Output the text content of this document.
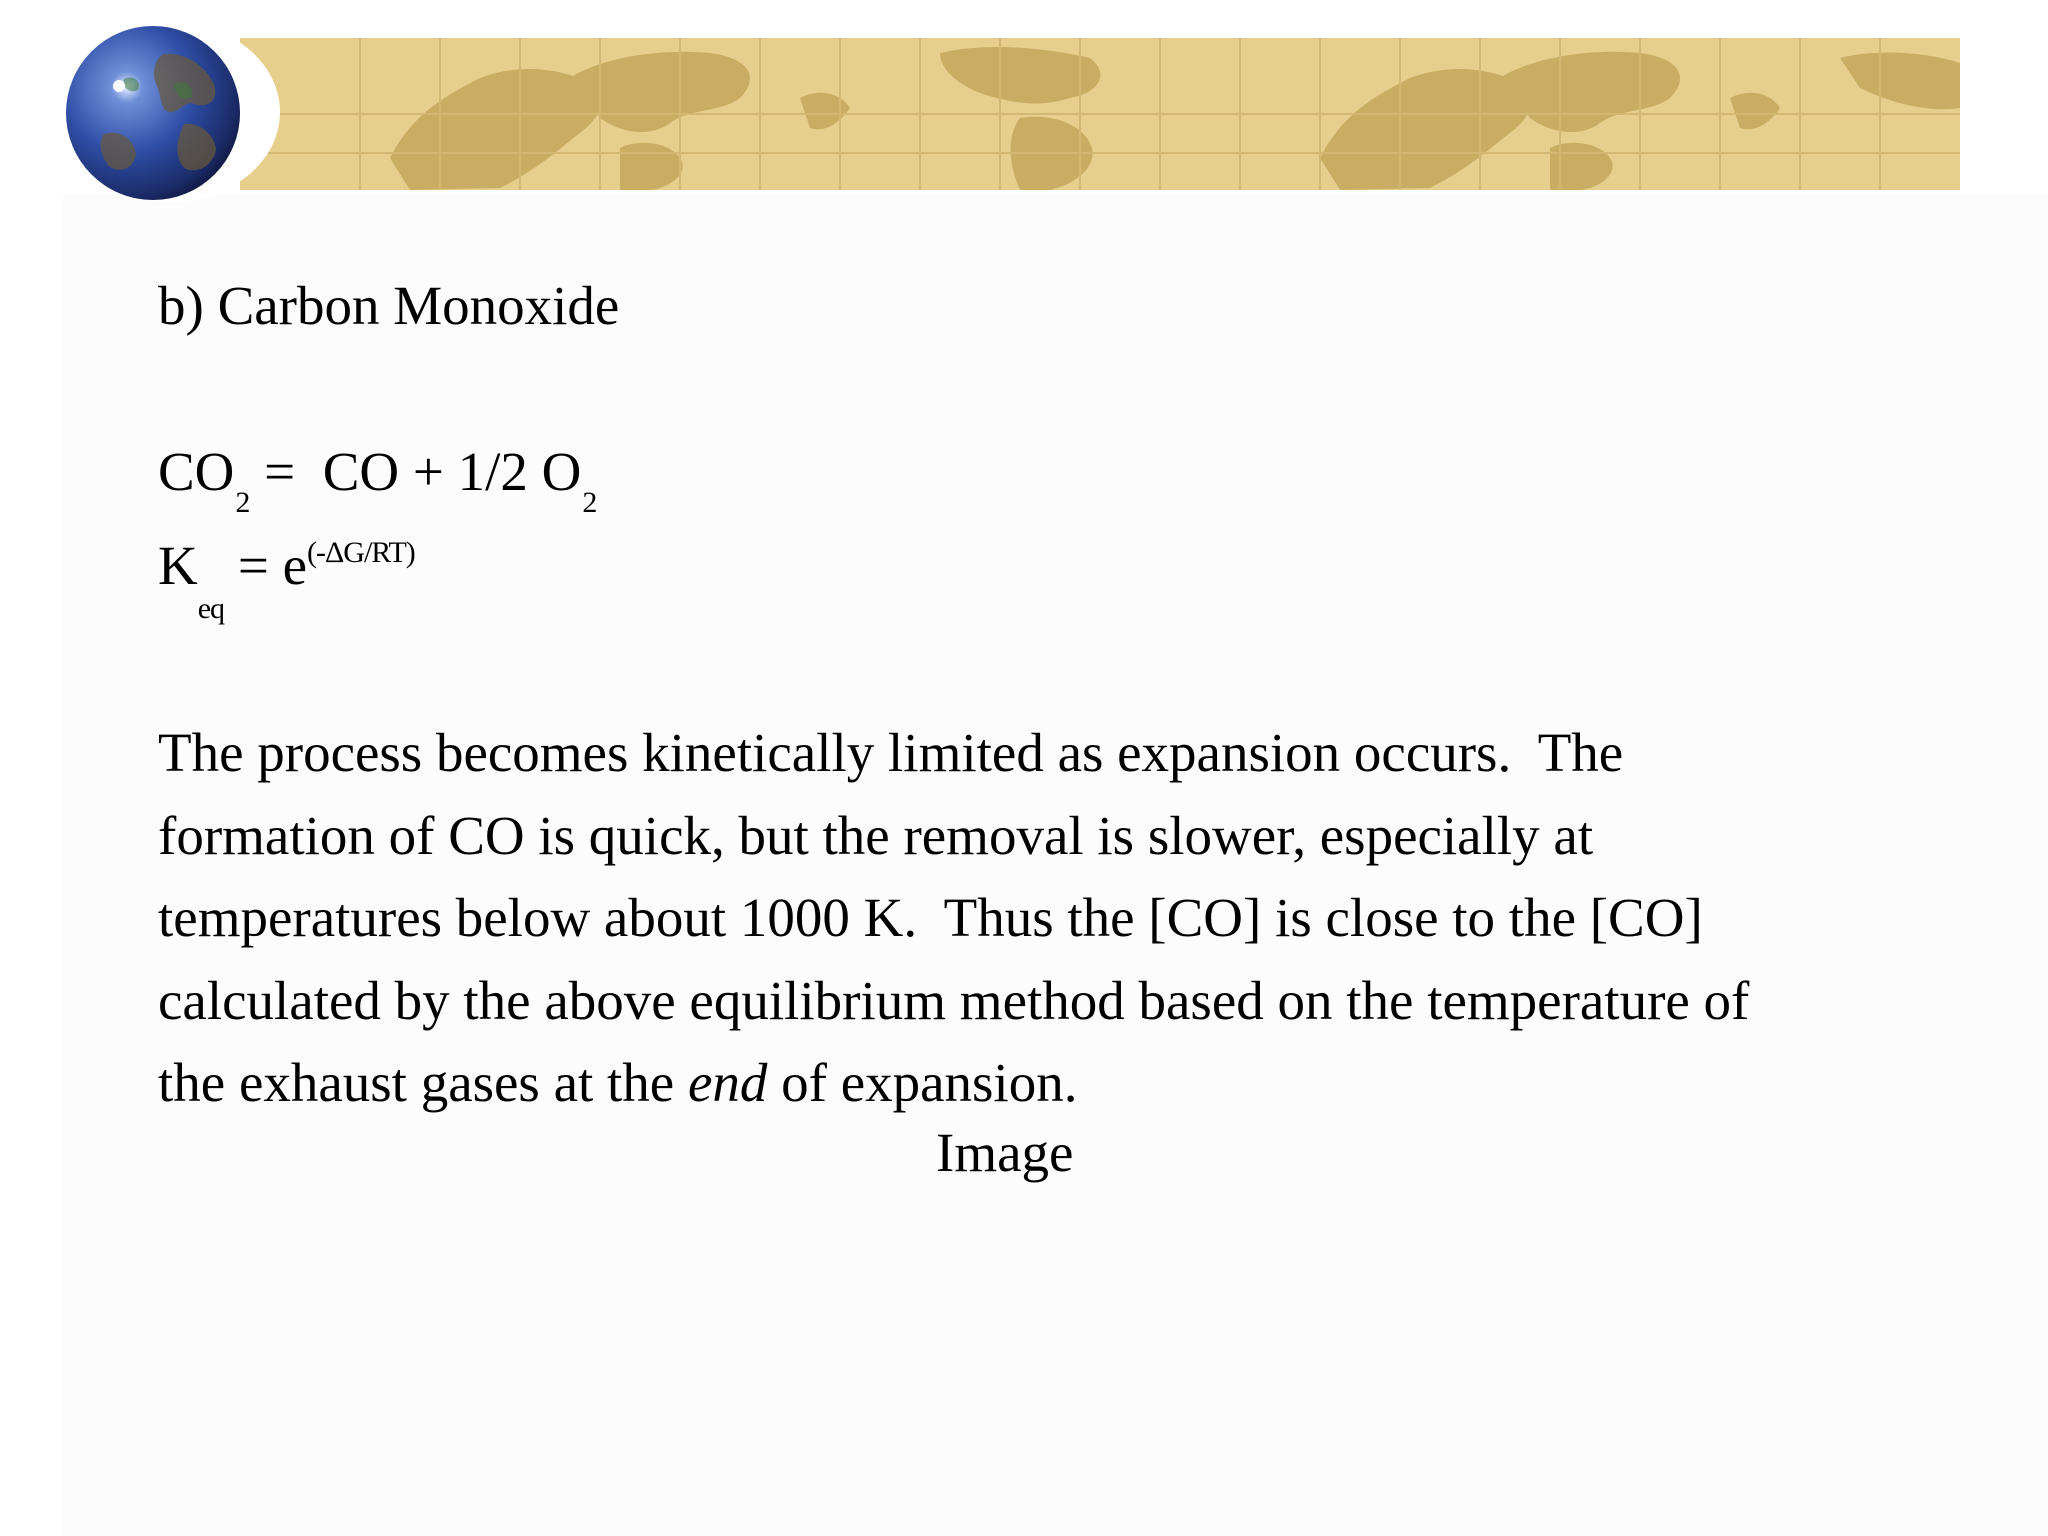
b) Carbon Monoxide
$CO_2$ =  CO + 1/2 $O_2$
$K_{eq} = e^{(-\Delta G/RT)}$
The process becomes kinetically limited as expansion occurs.  The
formation of CO is quick, but the removal is slower, especially at
temperatures below about 1000 K.  Thus the [CO] is close to the [CO]
calculated by the above equilibrium method based on the temperature of
the exhaust gases at the end of expansion.
Image
